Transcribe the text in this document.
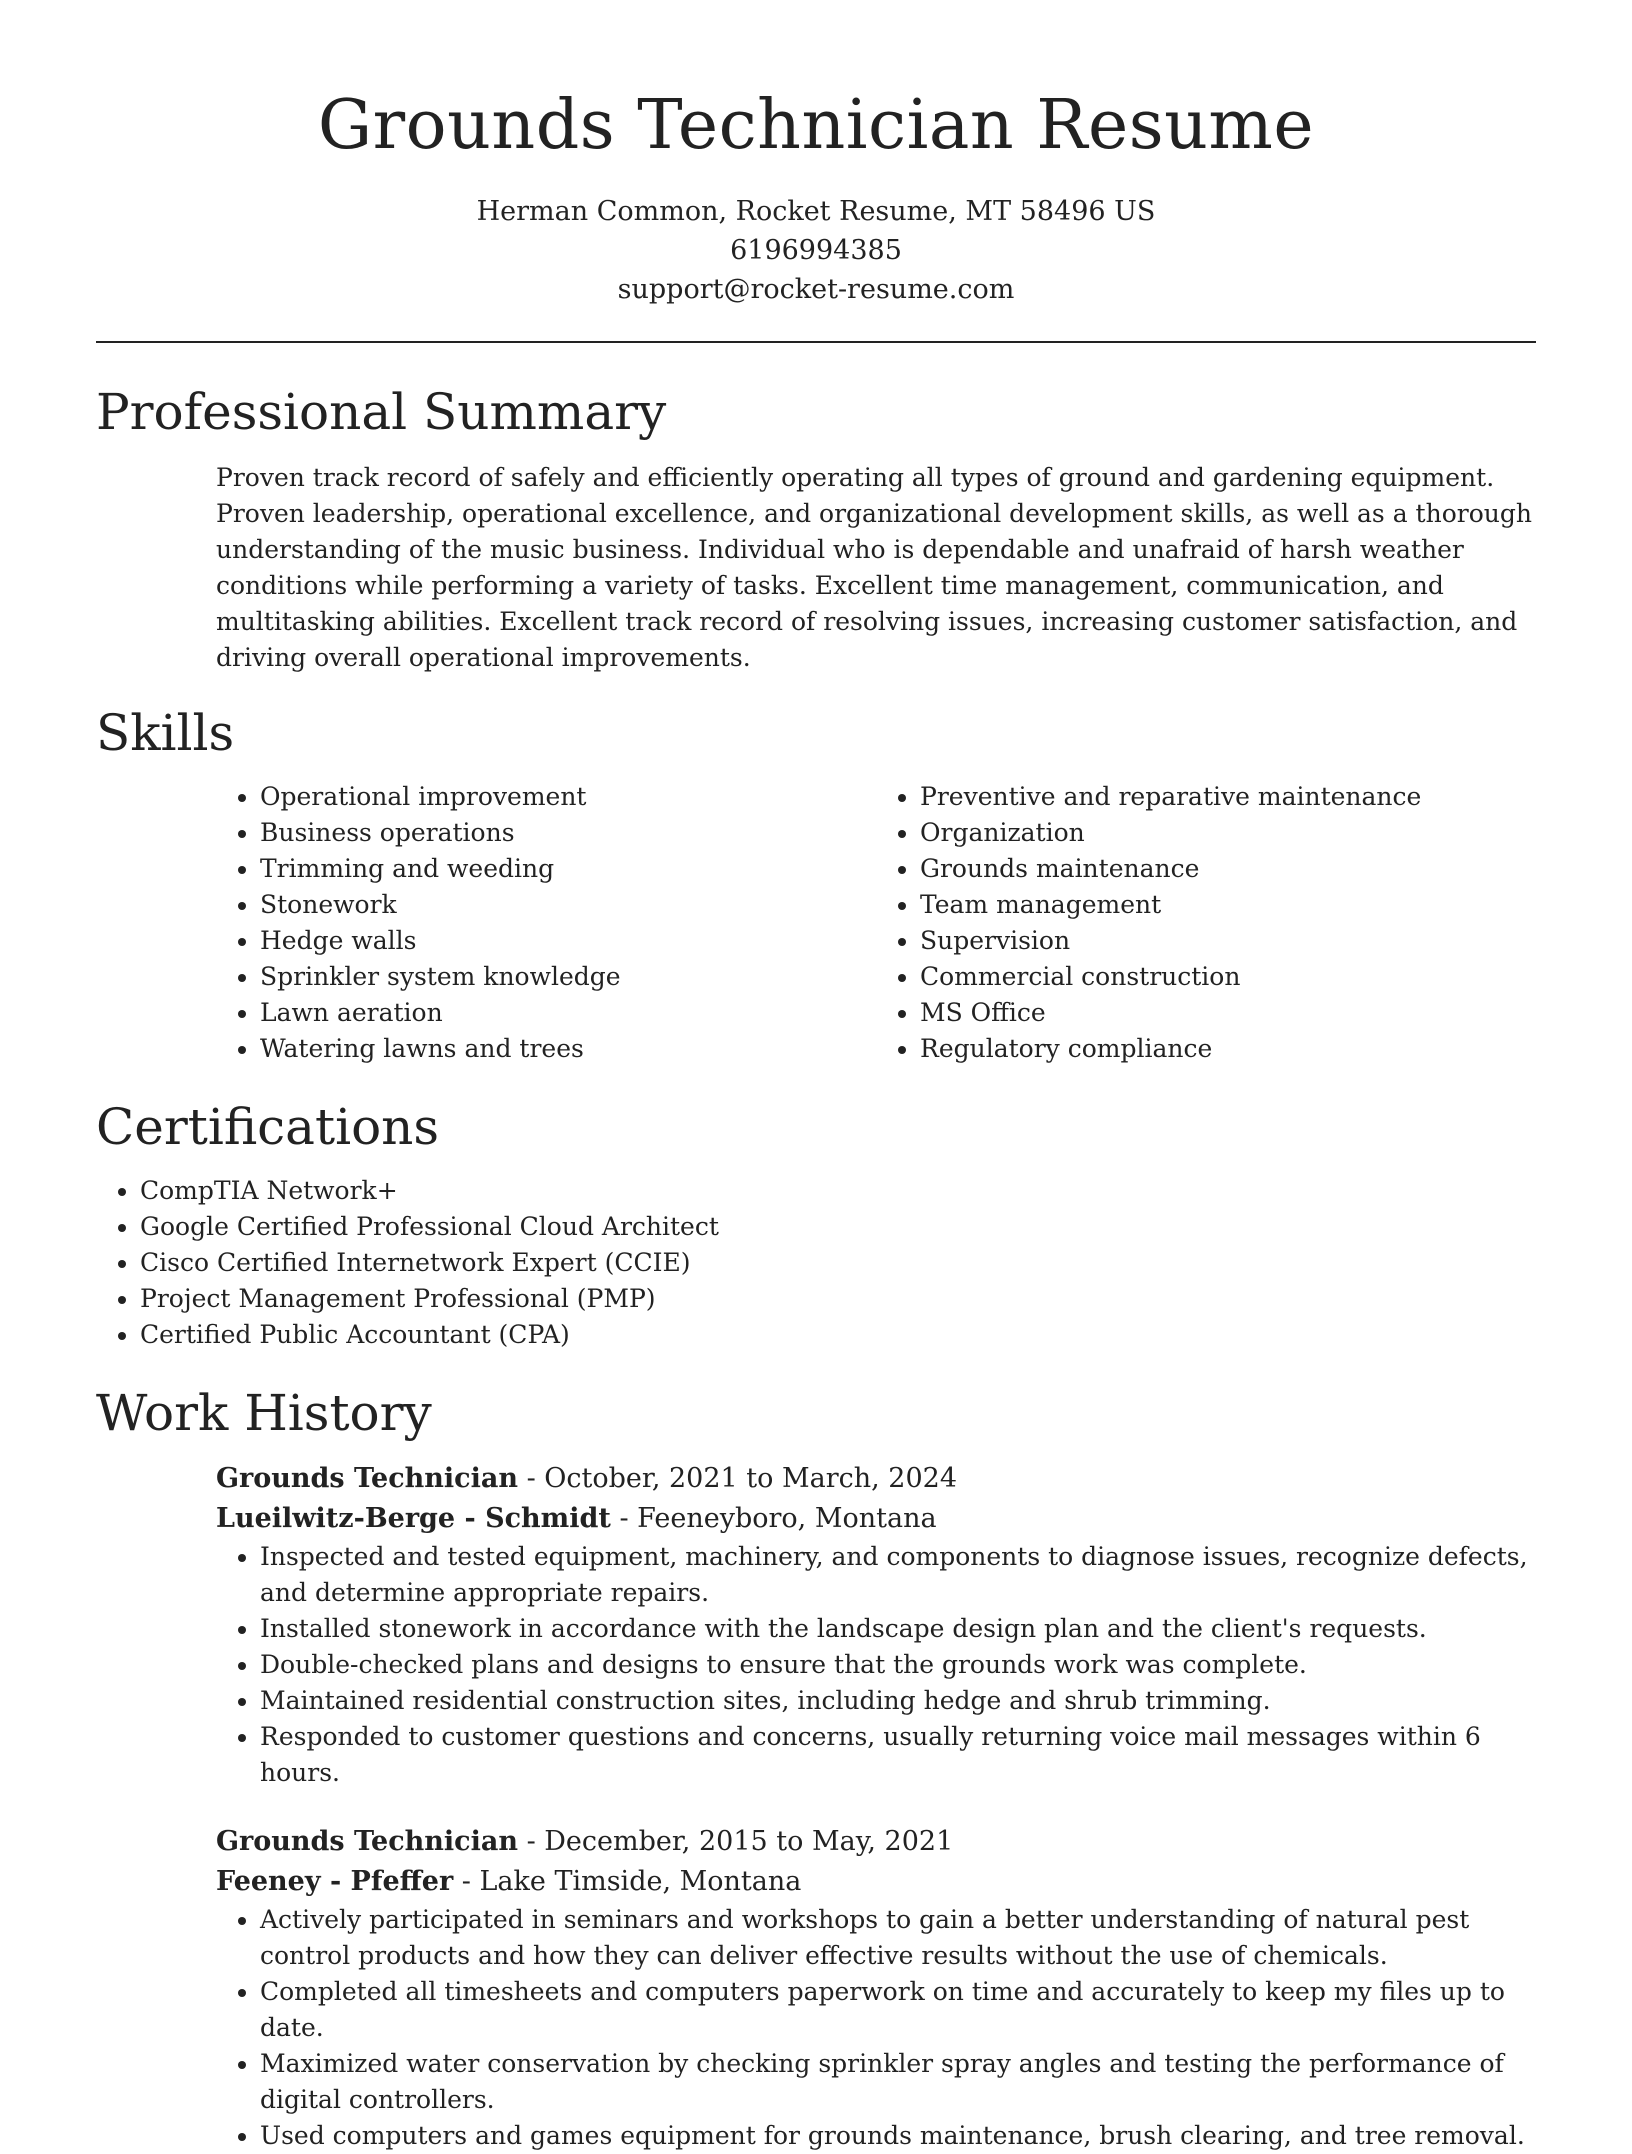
Grounds Technician Resume
Herman Common, Rocket Resume, MT 58496 US
6196994385
support@rocket-resume.com
Professional Summary

Proven track record of safely and efficiently operating all types of ground and gardening equipment. Proven leadership, operational excellence, and organizational development skills, as well as a thorough understanding of the music business. Individual who is dependable and unafraid of harsh weather conditions while performing a variety of tasks. Excellent time management, communication, and multitasking abilities. Excellent track record of resolving issues, increasing customer satisfaction, and driving overall operational improvements.

Skills
• Operational improvement
• Business operations
• Trimming and weeding
• Stonework
• Hedge walls
• Sprinkler system knowledge
• Lawn aeration
• Watering lawns and trees
• Preventive and reparative maintenance
• Organization
• Grounds maintenance
• Team management
• Supervision
• Commercial construction
• MS Office
• Regulatory compliance
Certifications
• CompTIA Network+
• Google Certified Professional Cloud Architect
• Cisco Certified Internetwork Expert (CCIE)
• Project Management Professional (PMP)
• Certified Public Accountant (CPA)
Work History
Grounds Technician - October, 2021 to March, 2024
Lueilwitz-Berge - Schmidt - Feeneyboro, Montana
• Inspected and tested equipment, machinery, and components to diagnose issues, recognize defects, and determine appropriate repairs.
• Installed stonework in accordance with the landscape design plan and the client's requests.
• Double-checked plans and designs to ensure that the grounds work was complete.
• Maintained residential construction sites, including hedge and shrub trimming.
• Responded to customer questions and concerns, usually returning voice mail messages within 6 hours.
Grounds Technician - December, 2015 to May, 2021
Feeney - Pfeffer - Lake Timside, Montana
• Actively participated in seminars and workshops to gain a better understanding of natural pest control products and how they can deliver effective results without the use of chemicals.
• Completed all timesheets and computers paperwork on time and accurately to keep my files up to date.
• Maximized water conservation by checking sprinkler spray angles and testing the performance of digital controllers.
• Used computers and games equipment for grounds maintenance, brush clearing, and tree removal.
